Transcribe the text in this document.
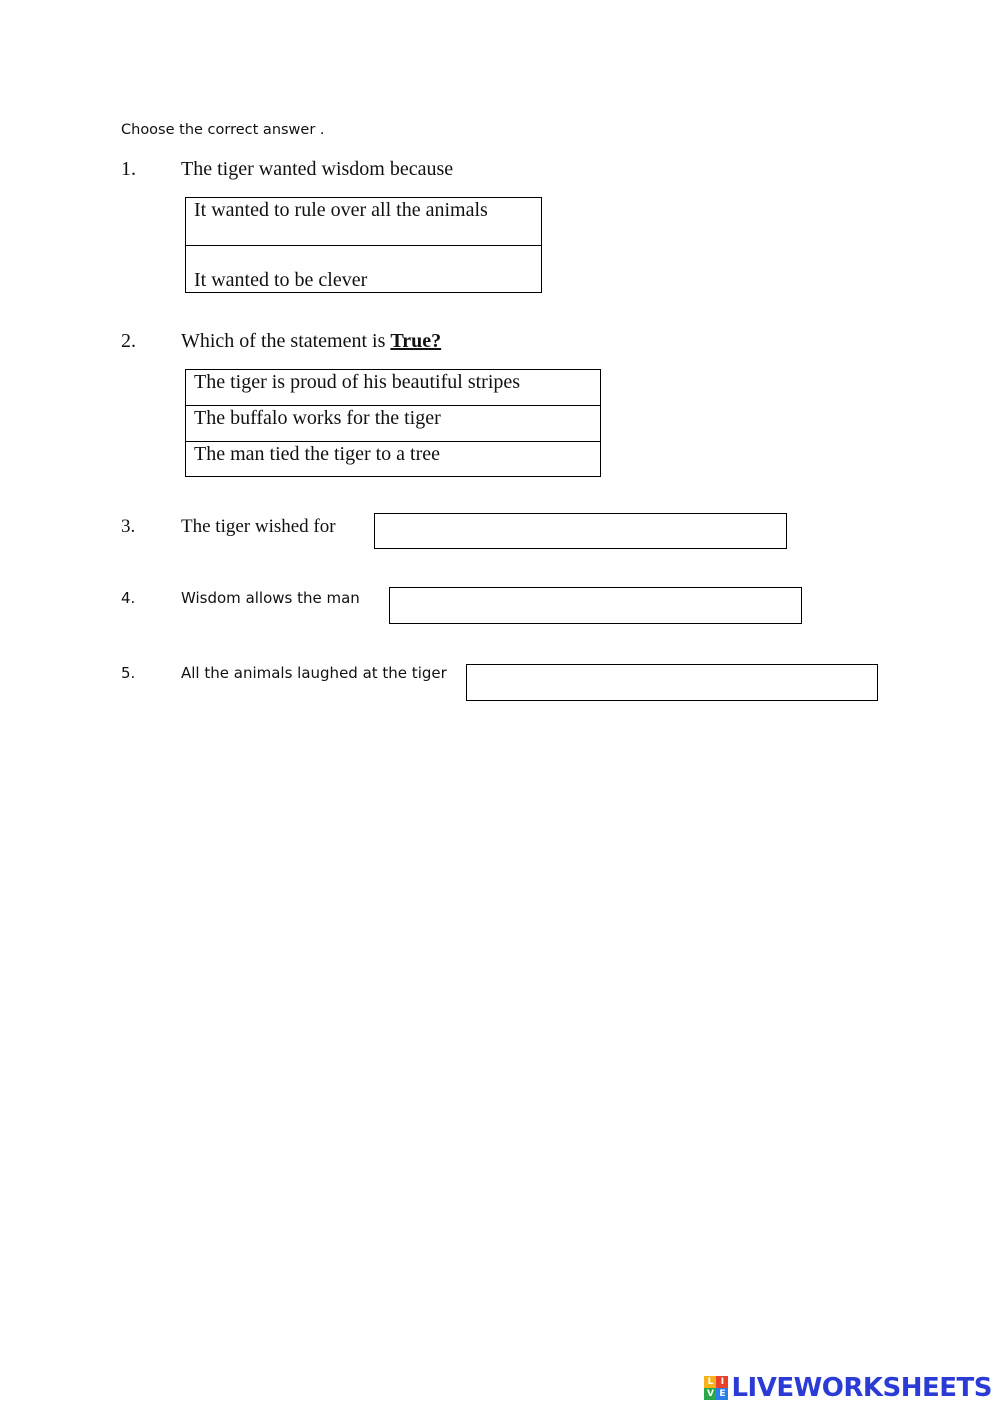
Choose the correct answer .
1. The tiger wanted wisdom because
It wanted to rule over all the animals
It wanted to be clever
2. Which of the statement is True?
The tiger is proud of his beautiful stripes
The buffalo works for the tiger
The man tied the tiger to a tree
3. The tiger wished for
4.	Wisdom allows the man
5.	All the animals laughed at the tiger
L I
V E LIVEWORKSHEETS
